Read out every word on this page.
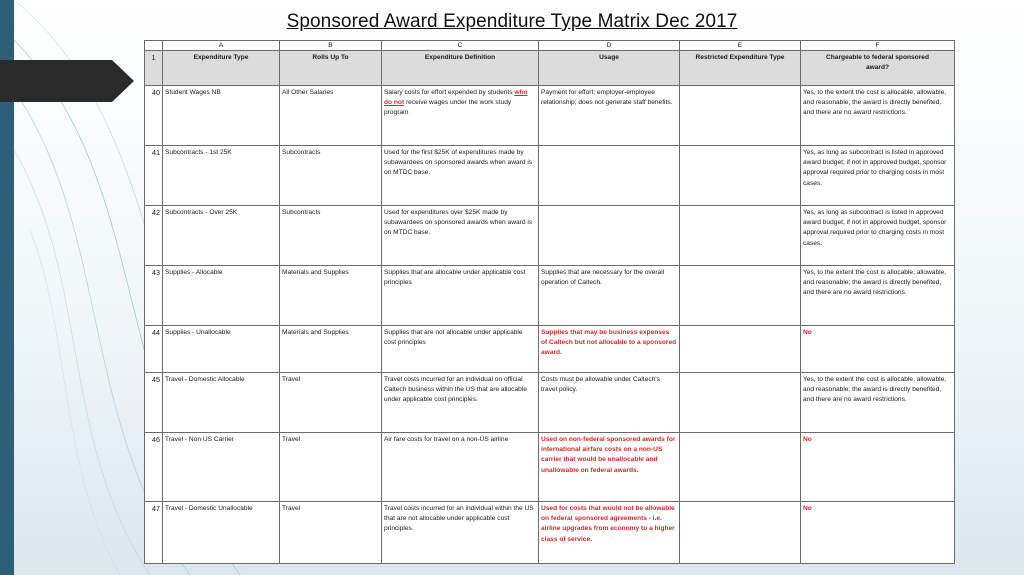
Sponsored Award Expenditure Type Matrix Dec 2017
	A	B	C	D	E	F
1	Expenditure Type	Rolls Up To	Expenditure Definition	Usage	Restricted Expenditure Type	Chargeable to federal sponsored award?
40	Student Wages NB	All Other Salaries	Salary costs for effort expended by students who do not receive wages under the work study program	Payment for effort; employer-employee relationship; does not generate staff benefits.		Yes, to the extent the cost is allocable, allowable, and reasonable; the award is directly benefited, and there are no award restrictions.
41	Subcontracts - 1st 25K	Subcontracts	Used for the first $25K of expenditures made by subawardees on sponsored awards when award is on MTDC base.			Yes, as long as subcontract is listed in approved award budget; if not in approved budget, sponsor approval required prior to charging costs in most cases.
42	Subcontracts - Over 25K	Subcontracts	Used for expenditures over $25K made by subawardees on sponsored awards when award is on MTDC base.			Yes, as long as subcontract is listed in approved award budget; if not in approved budget, sponsor approval required prior to charging costs in most cases.
43	Supplies - Allocable	Materials and Supplies	Supplies that are allocable under applicable cost principles	Supplies that are necessary for the overall operation of Caltech.		Yes, to the extent the cost is allocable, allowable, and reasonable; the award is directly benefited, and there are no award restrictions.
44	Supplies - Unallocable	Materials and Supplies	Supplies that are not allocable under applicable cost principles	Supplies that may be business expenses of Caltech but not allocable to a sponsored award.		No
45	Travel - Domestic Allocable	Travel	Travel costs incurred for an individual on official Caltech business within the US that are allocable under applicable cost principles.	Costs must be allowable under Caltech's travel policy.		Yes, to the extent the cost is allocable, allowable, and reasonable; the award is directly benefited, and there are no award restrictions.
46	Travel - Non US Carrier	Travel	Air fare costs for travel on a non-US airline	Used on non-federal sponsored awards for international airfare costs on a non-US carrier that would be unallocable and unallowable on federal awards.		No
47	Travel - Domestic Unallocable	Travel	Travel costs incurred for an individual within the US that are not allocable under applicable cost principles.	Used for costs that would not be allowable on federal sponsored agreements - i.e. airline upgrades from economy to a higher class of service.		No
